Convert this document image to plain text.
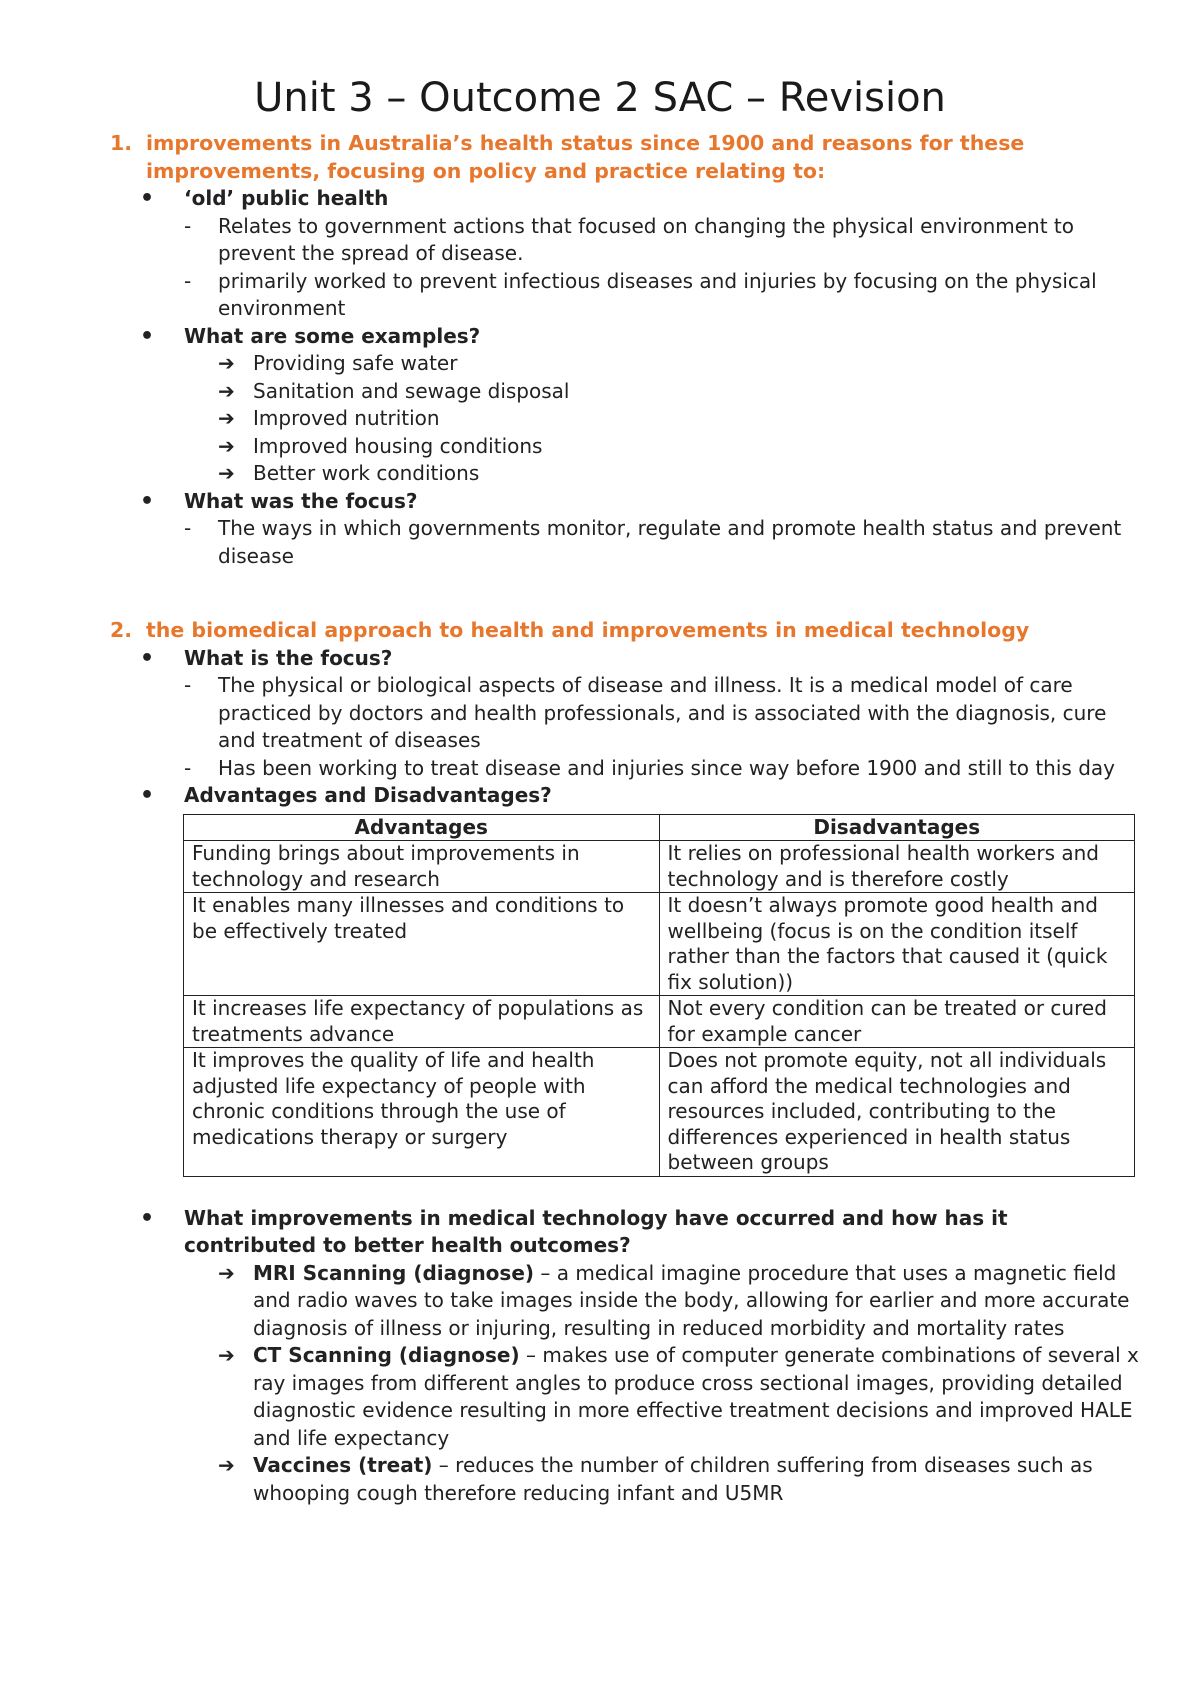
Unit 3 – Outcome 2 SAC – Revision
1. improvements in Australia’s health status since 1900 and reasons for these improvements, focusing on policy and practice relating to:
•	‘old’ public health
-	Relates to government actions that focused on changing the physical environment to prevent the spread of disease.
-	primarily worked to prevent infectious diseases and injuries by focusing on the physical environment
•	What are some examples?
➔ Providing safe water
➔ Sanitation and sewage disposal
➔ Improved nutrition
➔ Improved housing conditions
➔ Better work conditions
•	What was the focus?
-	The ways in which governments monitor, regulate and promote health status and prevent disease
2. the biomedical approach to health and improvements in medical technology
•	What is the focus?
-	The physical or biological aspects of disease and illness. It is a medical model of care practiced by doctors and health professionals, and is associated with the diagnosis, cure and treatment of diseases
-	Has been working to treat disease and injuries since way before 1900 and still to this day
•	Advantages and Disadvantages?
Advantages	Disadvantages
Funding brings about improvements in technology and research	It relies on professional health workers and technology and is therefore costly
It enables many illnesses and conditions to be effectively treated	It doesn’t always promote good health and wellbeing (focus is on the condition itself rather than the factors that caused it (quick fix solution))
It increases life expectancy of populations as treatments advance	Not every condition can be treated or cured for example cancer
It improves the quality of life and health adjusted life expectancy of people with chronic conditions through the use of medications therapy or surgery	Does not promote equity, not all individuals can afford the medical technologies and resources included, contributing to the differences experienced in health status between groups
•	What improvements in medical technology have occurred and how has it contributed to better health outcomes?
➔ MRI Scanning (diagnose) – a medical imagine procedure that uses a magnetic field and radio waves to take images inside the body, allowing for earlier and more accurate diagnosis of illness or injuring, resulting in reduced morbidity and mortality rates
➔ CT Scanning (diagnose) – makes use of computer generate combinations of several x ray images from different angles to produce cross sectional images, providing detailed diagnostic evidence resulting in more effective treatment decisions and improved HALE and life expectancy
➔ Vaccines (treat) – reduces the number of children suffering from diseases such as whooping cough therefore reducing infant and U5MR
